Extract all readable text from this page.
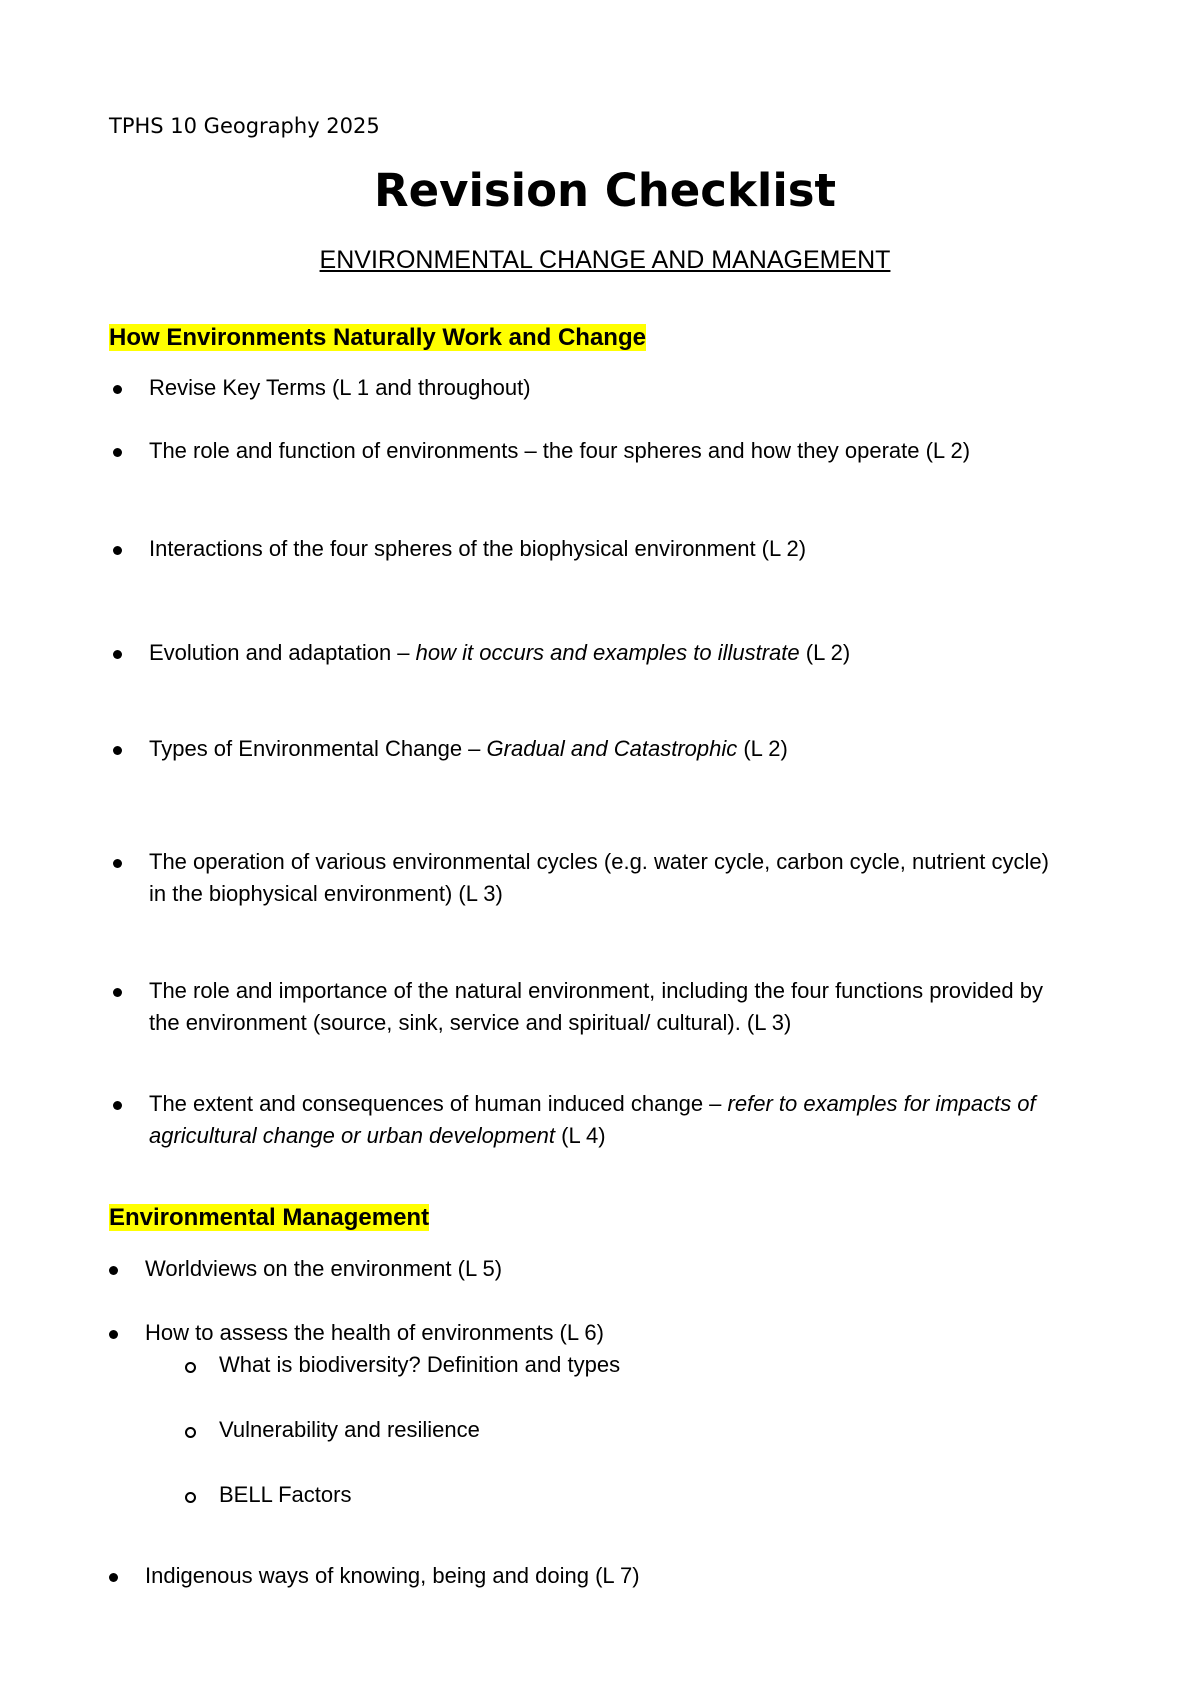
TPHS 10 Geography 2025
Revision Checklist
ENVIRONMENTAL CHANGE AND MANAGEMENT
How Environments Naturally Work and Change
Revise Key Terms (L 1 and throughout)
The role and function of environments – the four spheres and how they operate (L 2)
Interactions of the four spheres of the biophysical environment (L 2)
Evolution and adaptation – how it occurs and examples to illustrate (L 2)
Types of Environmental Change – Gradual and Catastrophic (L 2)
The operation of various environmental cycles (e.g. water cycle, carbon cycle, nutrient cycle)
in the biophysical environment) (L 3)
The role and importance of the natural environment, including the four functions provided by
the environment (source, sink, service and spiritual/ cultural). (L 3)
The extent and consequences of human induced change – refer to examples for impacts of
agricultural change or urban development (L 4)
Environmental Management
Worldviews on the environment (L 5)
How to assess the health of environments (L 6)
What is biodiversity? Definition and types
Vulnerability and resilience
BELL Factors
Indigenous ways of knowing, being and doing (L 7)
